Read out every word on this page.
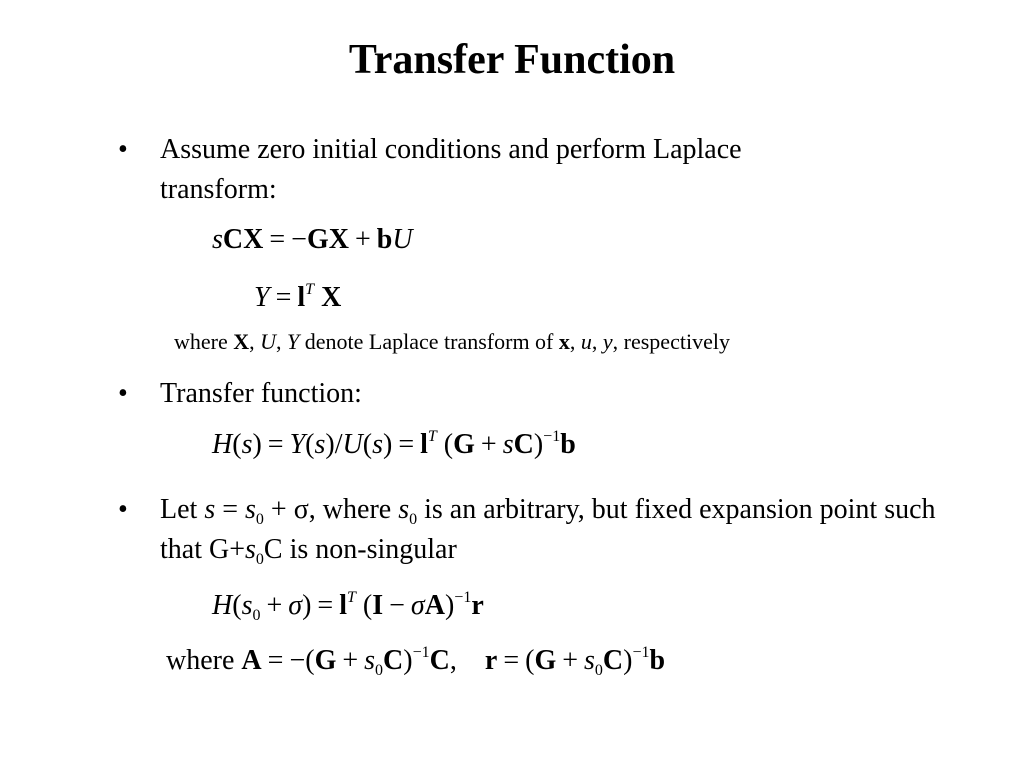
Transfer Function
• Assume zero initial conditions and perform Laplace
transform:
sCX = −GX + bU
$Y = l^T$ X
where X, U, Y denote Laplace transform of x, u, y, respectively
• Transfer function:
$H(s) = Y(s)/U(s) = l^T$ (G + sC)$^{-1}$b
• Let $s = s_0 + \sigma$, where $s_0$ is an arbitrary, but fixed expansion point such that $G+s_0C$ is non-singular
$H(s_0 + \sigma) = l^T$ $(I - \sigma A)^{-1}r$
where $A = -(G + s_0C)^{-1}C$,    $r = (G + s_0C)^{-1}b$
